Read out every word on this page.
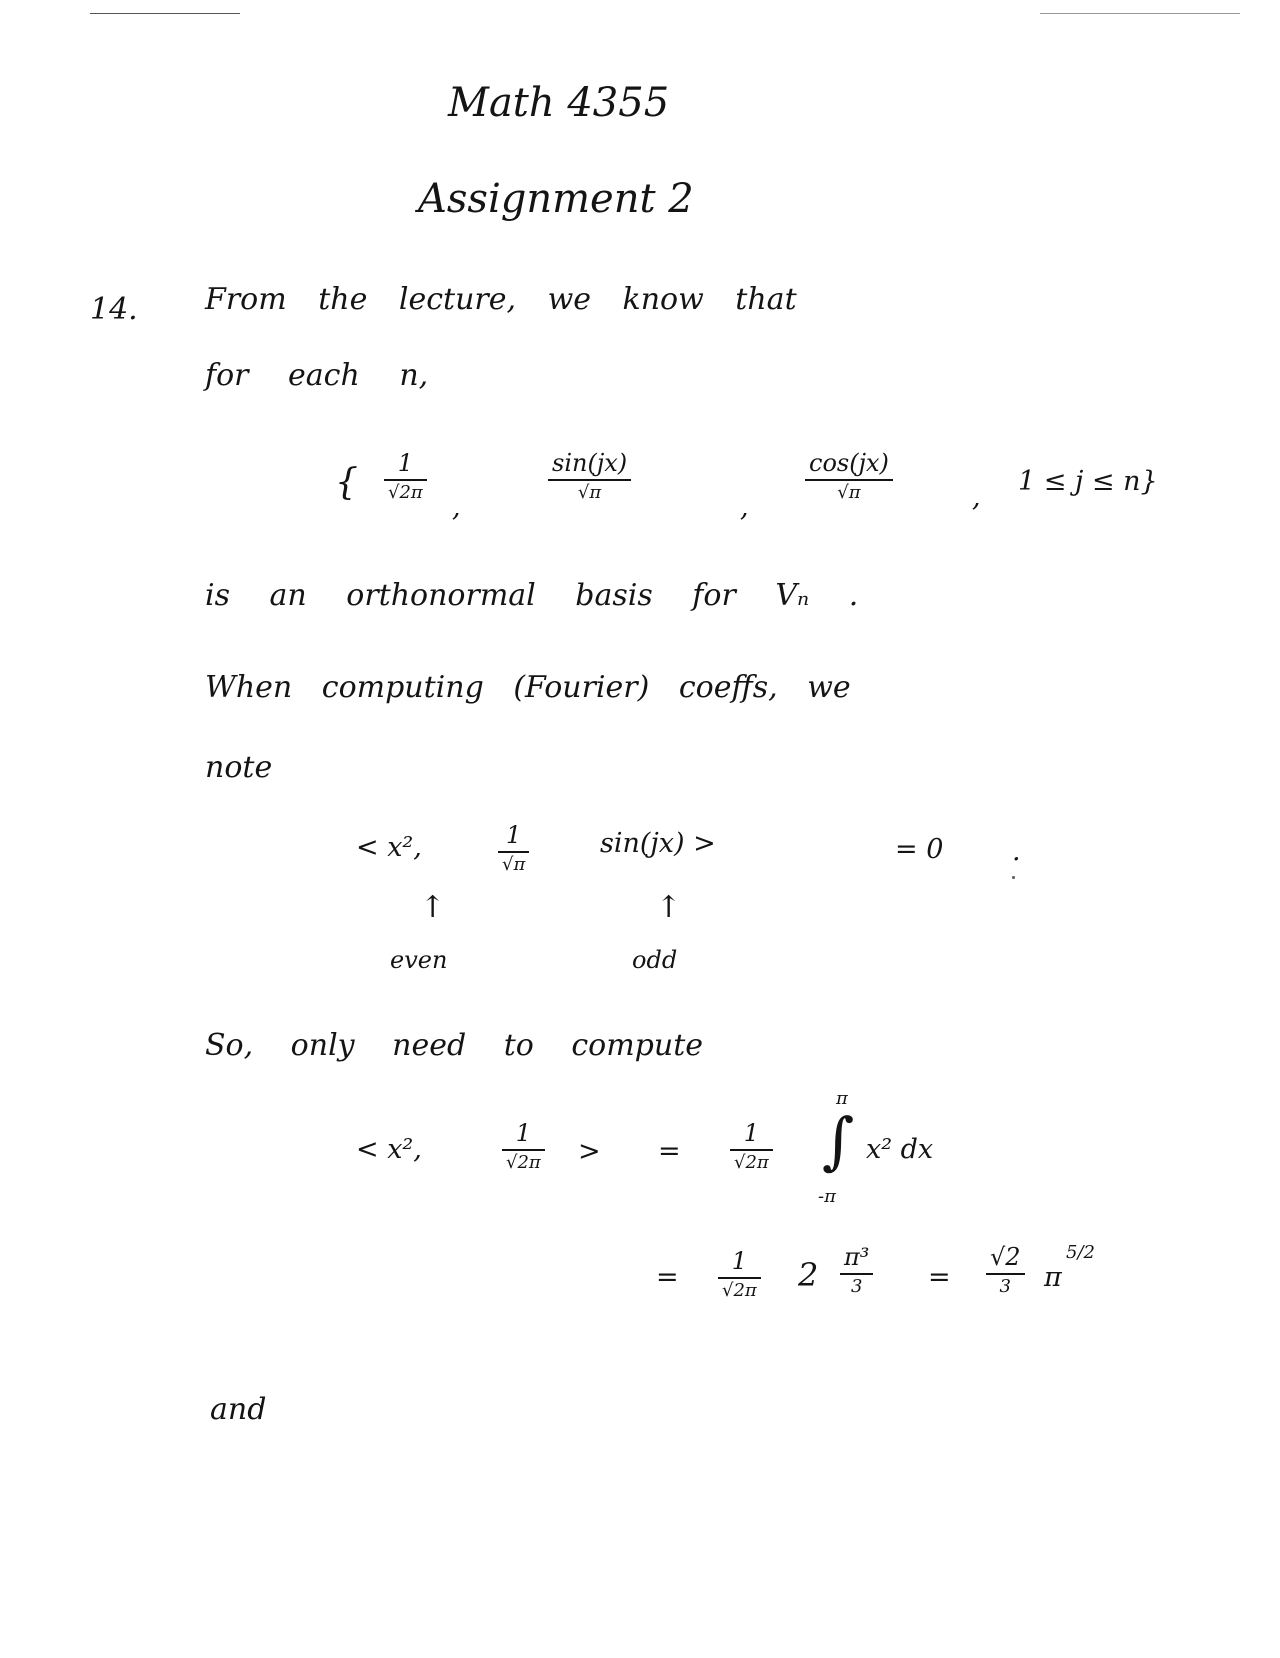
Math 4355
Assignment 2
14. From the lecture, we know that
for each n,
{ 1
√2π ,
sin(jx)
√π	,
cos(jx)
√π	,
1 ≤ j ≤ n}
is an orthonormal basis for Vₙ .
When computing (Fourier) coeffs, we
note
< x²,	1
√π
sin(jx) >	= 0	.
↑	↑
even	odd
So, only need to compute
< x²,
1
√2π > =
1
√2π
π
∫
-π
x² dx
=
1
√2π 2 π³
3 =
√2
3 π
5/2
and
